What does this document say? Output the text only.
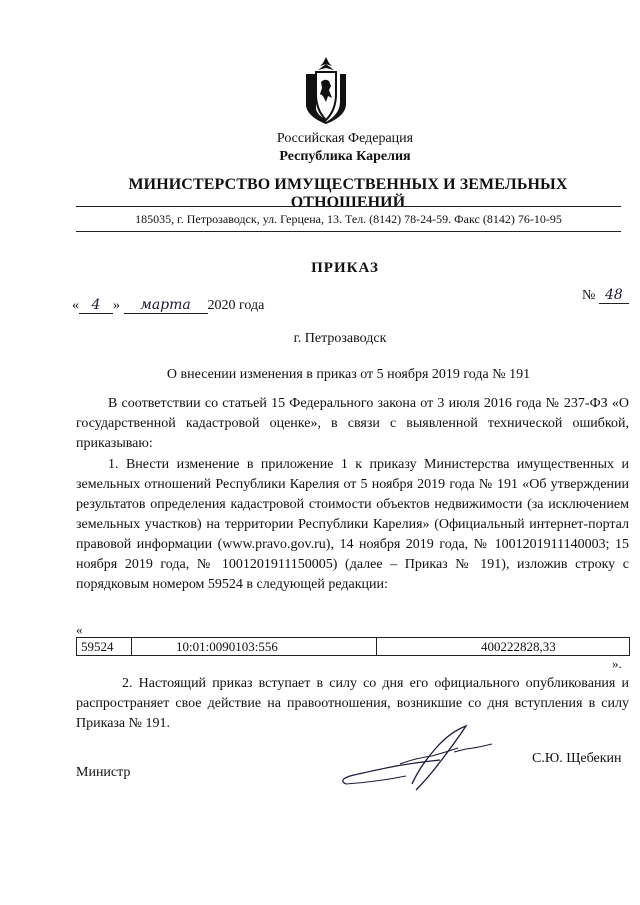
Российская Федерация
Республика Карелия
МИНИСТЕРСТВО ИМУЩЕСТВЕННЫХ И ЗЕМЕЛЬНЫХ ОТНОШЕНИЙ
185035, г. Петрозаводск, ул. Герцена, 13. Тел. (8142) 78-24-59. Факс (8142) 76-10-95
ПРИКАЗ
« 4 » марта 2020 года
№ 48
г. Петрозаводск
О внесении изменения в приказ от 5 ноября 2019 года № 191
В соответствии со статьей 15 Федерального закона от 3 июля 2016 года № 237-ФЗ «О государственной кадастровой оценке», в связи с выявленной технической ошибкой, приказываю:
1. Внести изменение в приложение 1 к приказу Министерства имущественных и земельных отношений Республики Карелия от 5 ноября 2019 года № 191 «Об утверждении результатов определения кадастровой стоимости объектов недвижимости (за исключением земельных участков) на территории Республики Карелия» (Официальный интернет-портал правовой информации (www.pravo.gov.ru), 14 ноября 2019 года, № 1001201911140003; 15 ноября 2019 года, № 1001201911150005) (далее – Приказ № 191), изложив строку с порядковым номером 59524 в следующей редакции:
«
59524	10:01:0090103:556	400222828,33
».
2. Настоящий приказ вступает в силу со дня его официального опубликования и распространяет свое действие на правоотношения, возникшие со дня вступления в силу Приказа № 191.
Министр
С.Ю. Щебекин
